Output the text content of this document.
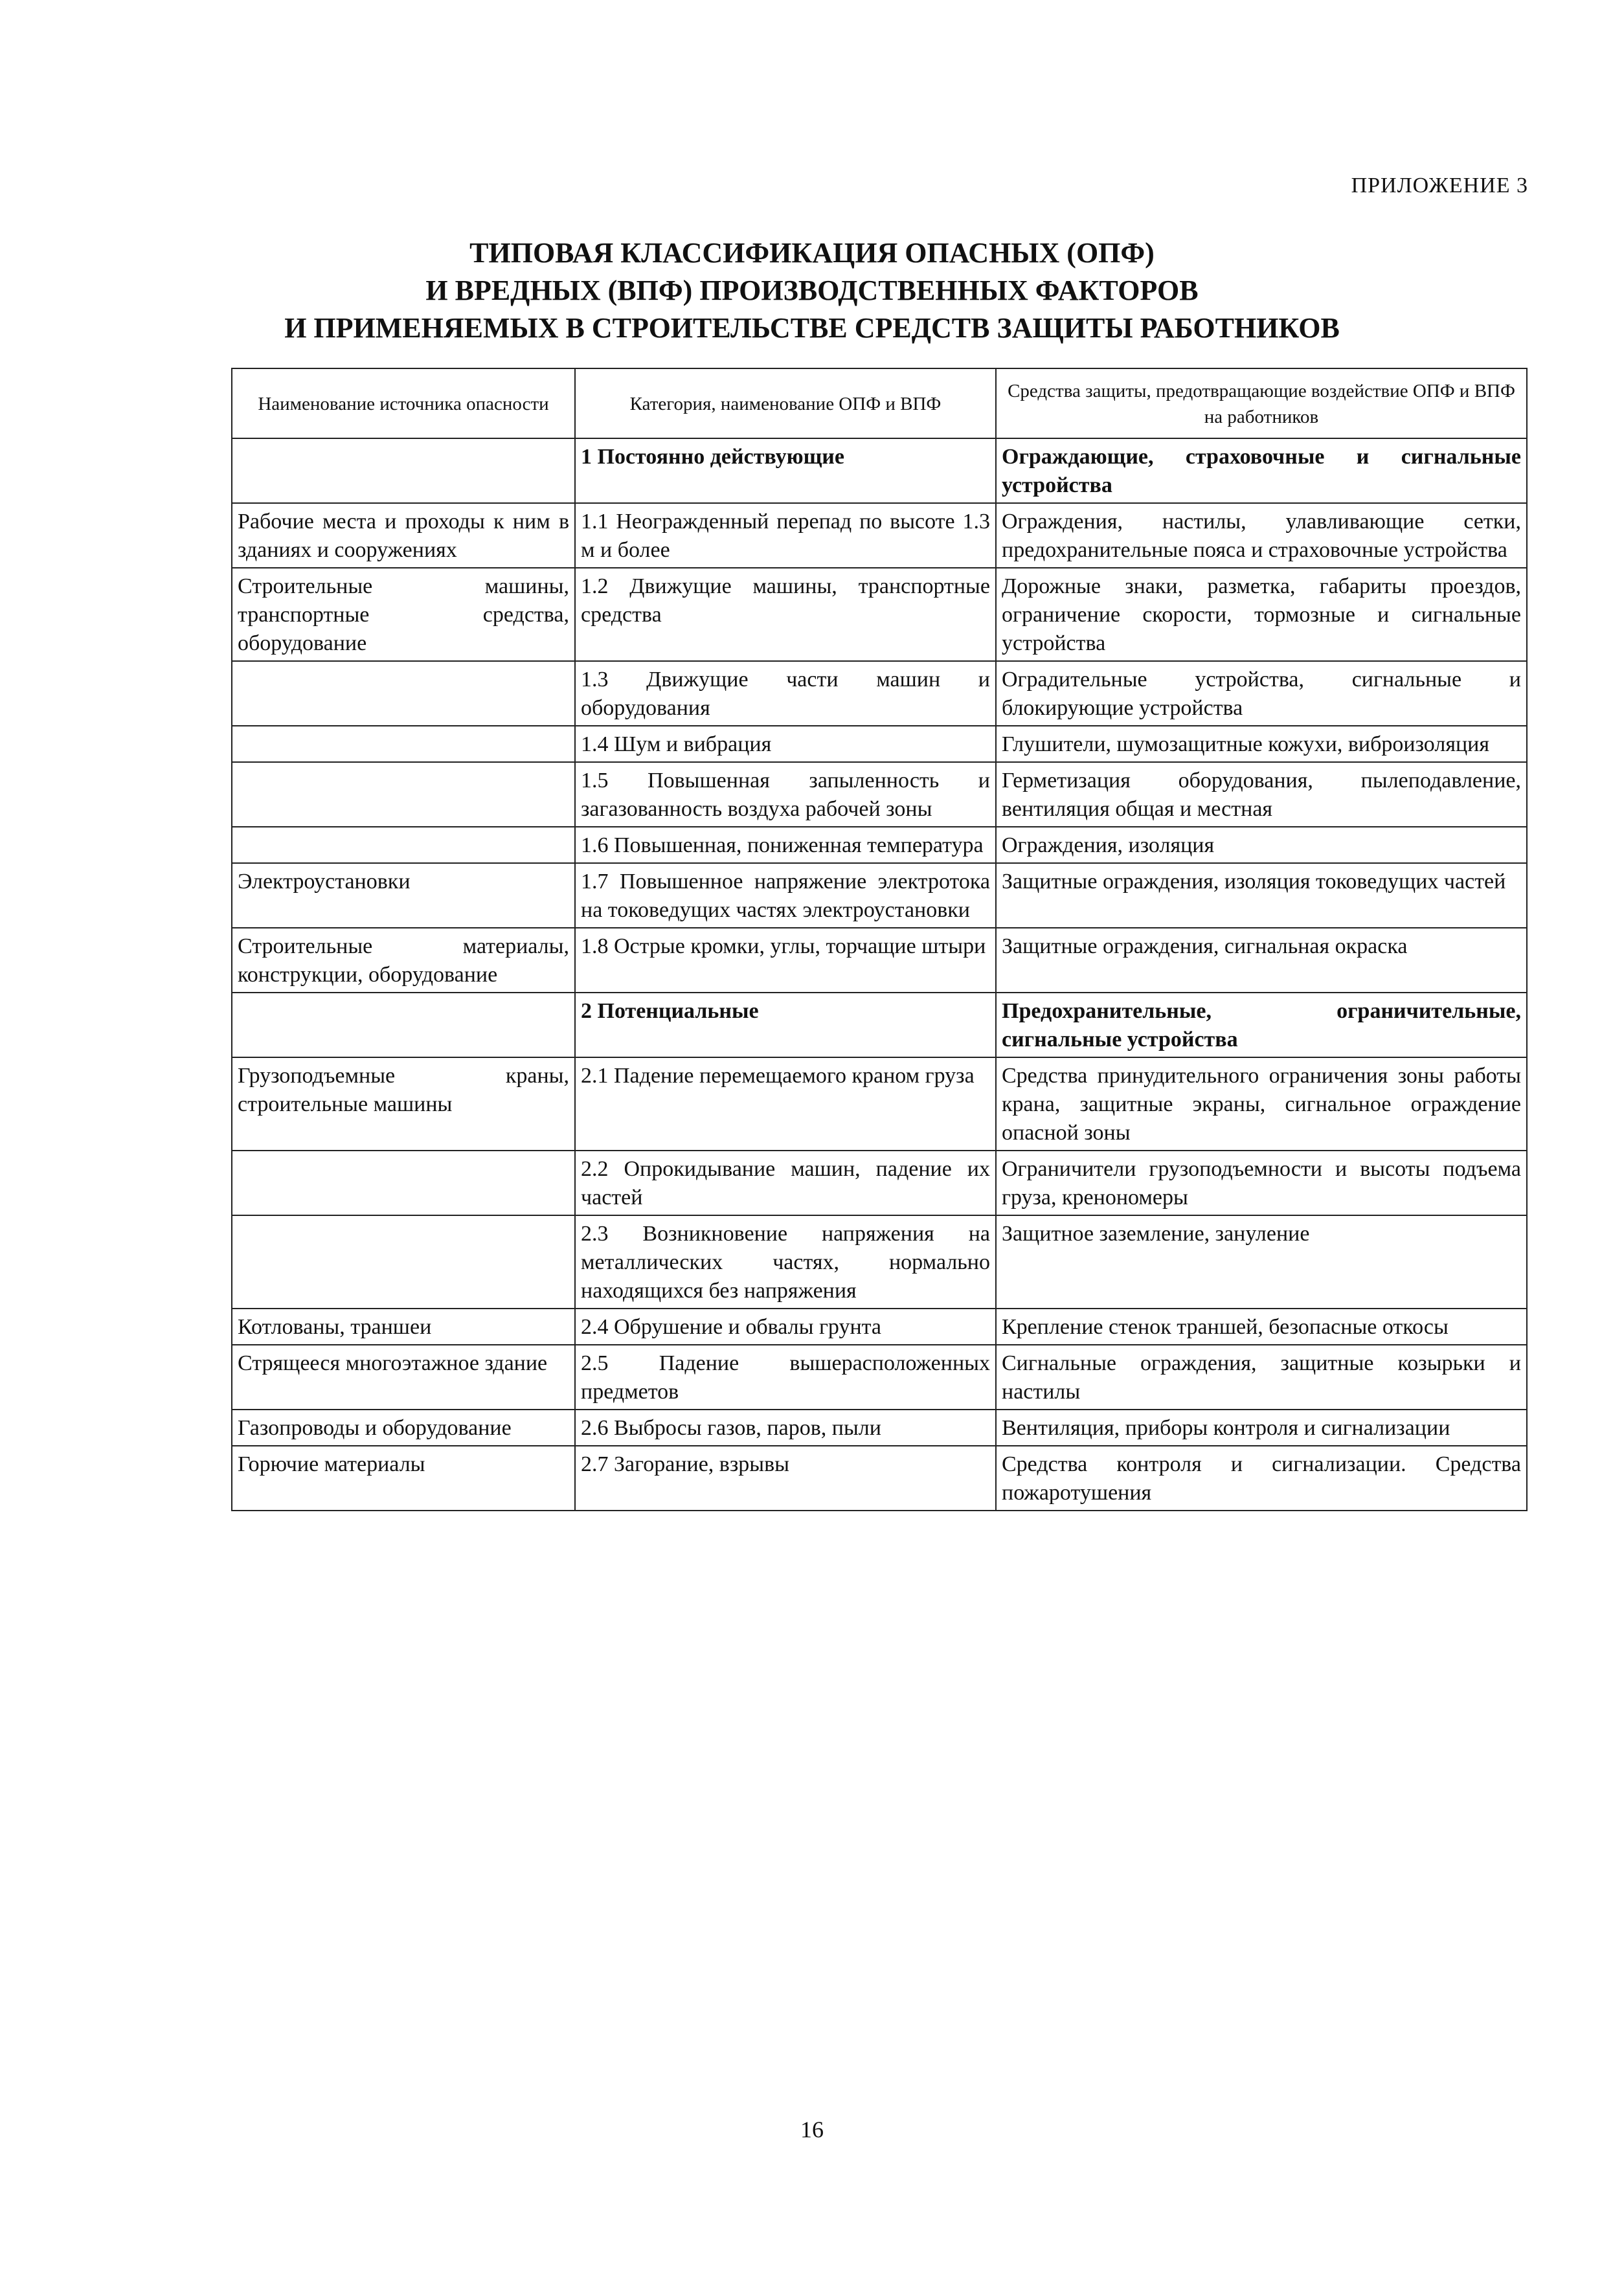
ПРИЛОЖЕНИЕ 3
ТИПОВАЯ КЛАССИФИКАЦИЯ ОПАСНЫХ (ОПФ)
И ВРЕДНЫХ (ВПФ) ПРОИЗВОДСТВЕННЫХ ФАКТОРОВ
И ПРИМЕНЯЕМЫХ В СТРОИТЕЛЬСТВЕ СРЕДСТВ ЗАЩИТЫ РАБОТНИКОВ
Наименование источника опасности	Категория, наименование ОПФ и ВПФ	Средства защиты, предотвращающие воздействие ОПФ и ВПФ на работников
	1 Постоянно действующие	Ограждающие, страховочные и сигнальные устройства
Рабочие места и проходы к ним в зданиях и сооружениях	1.1 Неогражденный перепад по высоте 1.3 м и более	Ограждения, настилы, улавливающие сетки, предохранительные пояса и страховочные устройства
Строительные машины, транспортные средства, оборудование	1.2 Движущие машины, транспортные средства	Дорожные знаки, разметка, габариты проездов, ограничение скорости, тормозные и сигнальные устройства
	1.3 Движущие части машин и оборудования	Оградительные устройства, сигнальные и блокирующие устройства
	1.4 Шум и вибрация	Глушители, шумозащитные кожухи, виброизоляция
	1.5 Повышенная запыленность и загазованность воздуха рабочей зоны	Герметизация оборудования, пылеподавление, вентиляция общая и местная
	1.6 Повышенная, пониженная температура	Ограждения, изоляция
Электроустановки	1.7 Повышенное напряжение электротока на токоведущих частях электроустановки	Защитные ограждения, изоляция токоведущих частей
Строительные материалы, конструкции, оборудование	1.8 Острые кромки, углы, торчащие штыри	Защитные ограждения, сигнальная окраска
	2 Потенциальные	Предохранительные, ограничительные, сигнальные устройства
Грузоподъемные краны, строительные машины	2.1 Падение перемещаемого краном груза	Средства принудительного ограничения зоны работы крана, защитные экраны, сигнальное ограждение опасной зоны
	2.2 Опрокидывание машин, падение их частей	Ограничители грузоподъемности и высоты подъема груза, кренономеры
	2.3 Возникновение напряжения на металлических частях, нормально находящихся без напряжения	Защитное заземление, зануление
Котлованы, траншеи	2.4 Обрушение и обвалы грунта	Крепление стенок траншей, безопасные откосы
Стрящееся многоэтажное здание	2.5 Падение вышерасположенных предметов	Сигнальные ограждения, защитные козырьки и настилы
Газопроводы и оборудование	2.6 Выбросы газов, паров, пыли	Вентиляция, приборы контроля и сигнализации
Горючие материалы	2.7 Загорание, взрывы	Средства контроля и сигнализации. Средства пожаротушения
16
